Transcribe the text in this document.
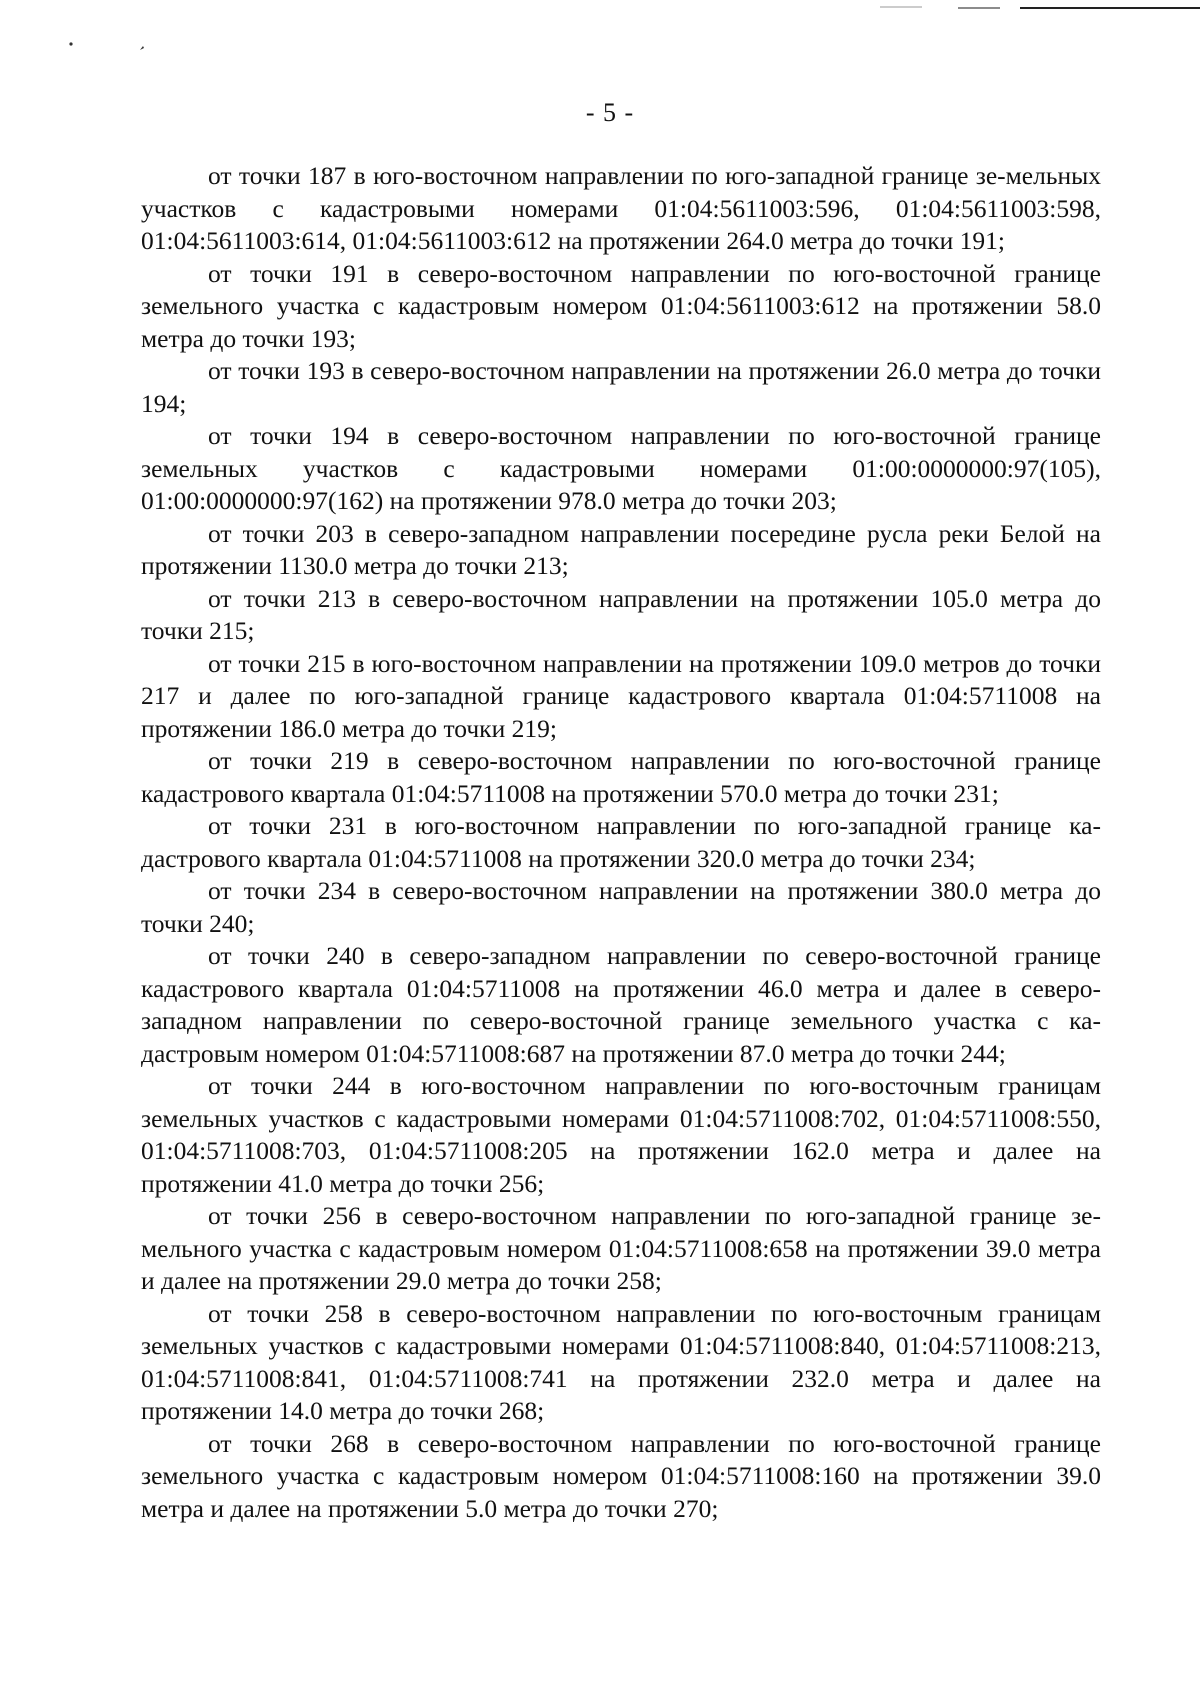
- 5 -

от точки 187 в юго-восточном направлении по юго-западной границе зе-мельных участков с кадастровыми номерами 01:04:5611003:596, 01:04:5611003:598, 01:04:5611003:614, 01:04:5611003:612 на протяжении 264.0 метра до точки 191;

от точки 191 в северо-восточном направлении по юго-восточной границе земельного участка с кадастровым номером 01:04:5611003:612 на протяжении 58.0 метра до точки 193;

от точки 193 в северо-восточном направлении на протяжении 26.0 метра до точки 194;

от точки 194 в северо-восточном направлении по юго-восточной границе земельных участков с кадастровыми номерами 01:00:0000000:97(105), 01:00:0000000:97(162) на протяжении 978.0 метра до точки 203;

от точки 203 в северо-западном направлении посередине русла реки Белой на протяжении 1130.0 метра до точки 213;

от точки 213 в северо-восточном направлении на протяжении 105.0 метра до точки 215;

от точки 215 в юго-восточном направлении на протяжении 109.0 метров до точки 217 и далее по юго-западной границе кадастрового квартала 01:04:5711008 на протяжении 186.0 метра до точки 219;

от точки 219 в северо-восточном направлении по юго-восточной границе кадастрового квартала 01:04:5711008 на протяжении 570.0 метра до точки 231;

от точки 231 в юго-восточном направлении по юго-западной границе ка-дастрового квартала 01:04:5711008 на протяжении 320.0 метра до точки 234;

от точки 234 в северо-восточном направлении на протяжении 380.0 метра до точки 240;

от точки 240 в северо-западном направлении по северо-восточной границе кадастрового квартала 01:04:5711008 на протяжении 46.0 метра и далее в северо-западном направлении по северо-восточной границе земельного участка с ка-дастровым номером 01:04:5711008:687 на протяжении 87.0 метра до точки 244;

от точки 244 в юго-восточном направлении по юго-восточным границам земельных участков с кадастровыми номерами 01:04:5711008:702, 01:04:5711008:550, 01:04:5711008:703, 01:04:5711008:205 на протяжении 162.0 метра и далее на протяжении 41.0 метра до точки 256;

от точки 256 в северо-восточном направлении по юго-западной границе зе-мельного участка с кадастровым номером 01:04:5711008:658 на протяжении 39.0 метра и далее на протяжении 29.0 метра до точки 258;

от точки 258 в северо-восточном направлении по юго-восточным границам земельных участков с кадастровыми номерами 01:04:5711008:840, 01:04:5711008:213, 01:04:5711008:841, 01:04:5711008:741 на протяжении 232.0 метра и далее на протяжении 14.0 метра до точки 268;

от точки 268 в северо-восточном направлении по юго-восточной границе земельного участка с кадастровым номером 01:04:5711008:160 на протяжении 39.0 метра и далее на протяжении 5.0 метра до точки 270;
